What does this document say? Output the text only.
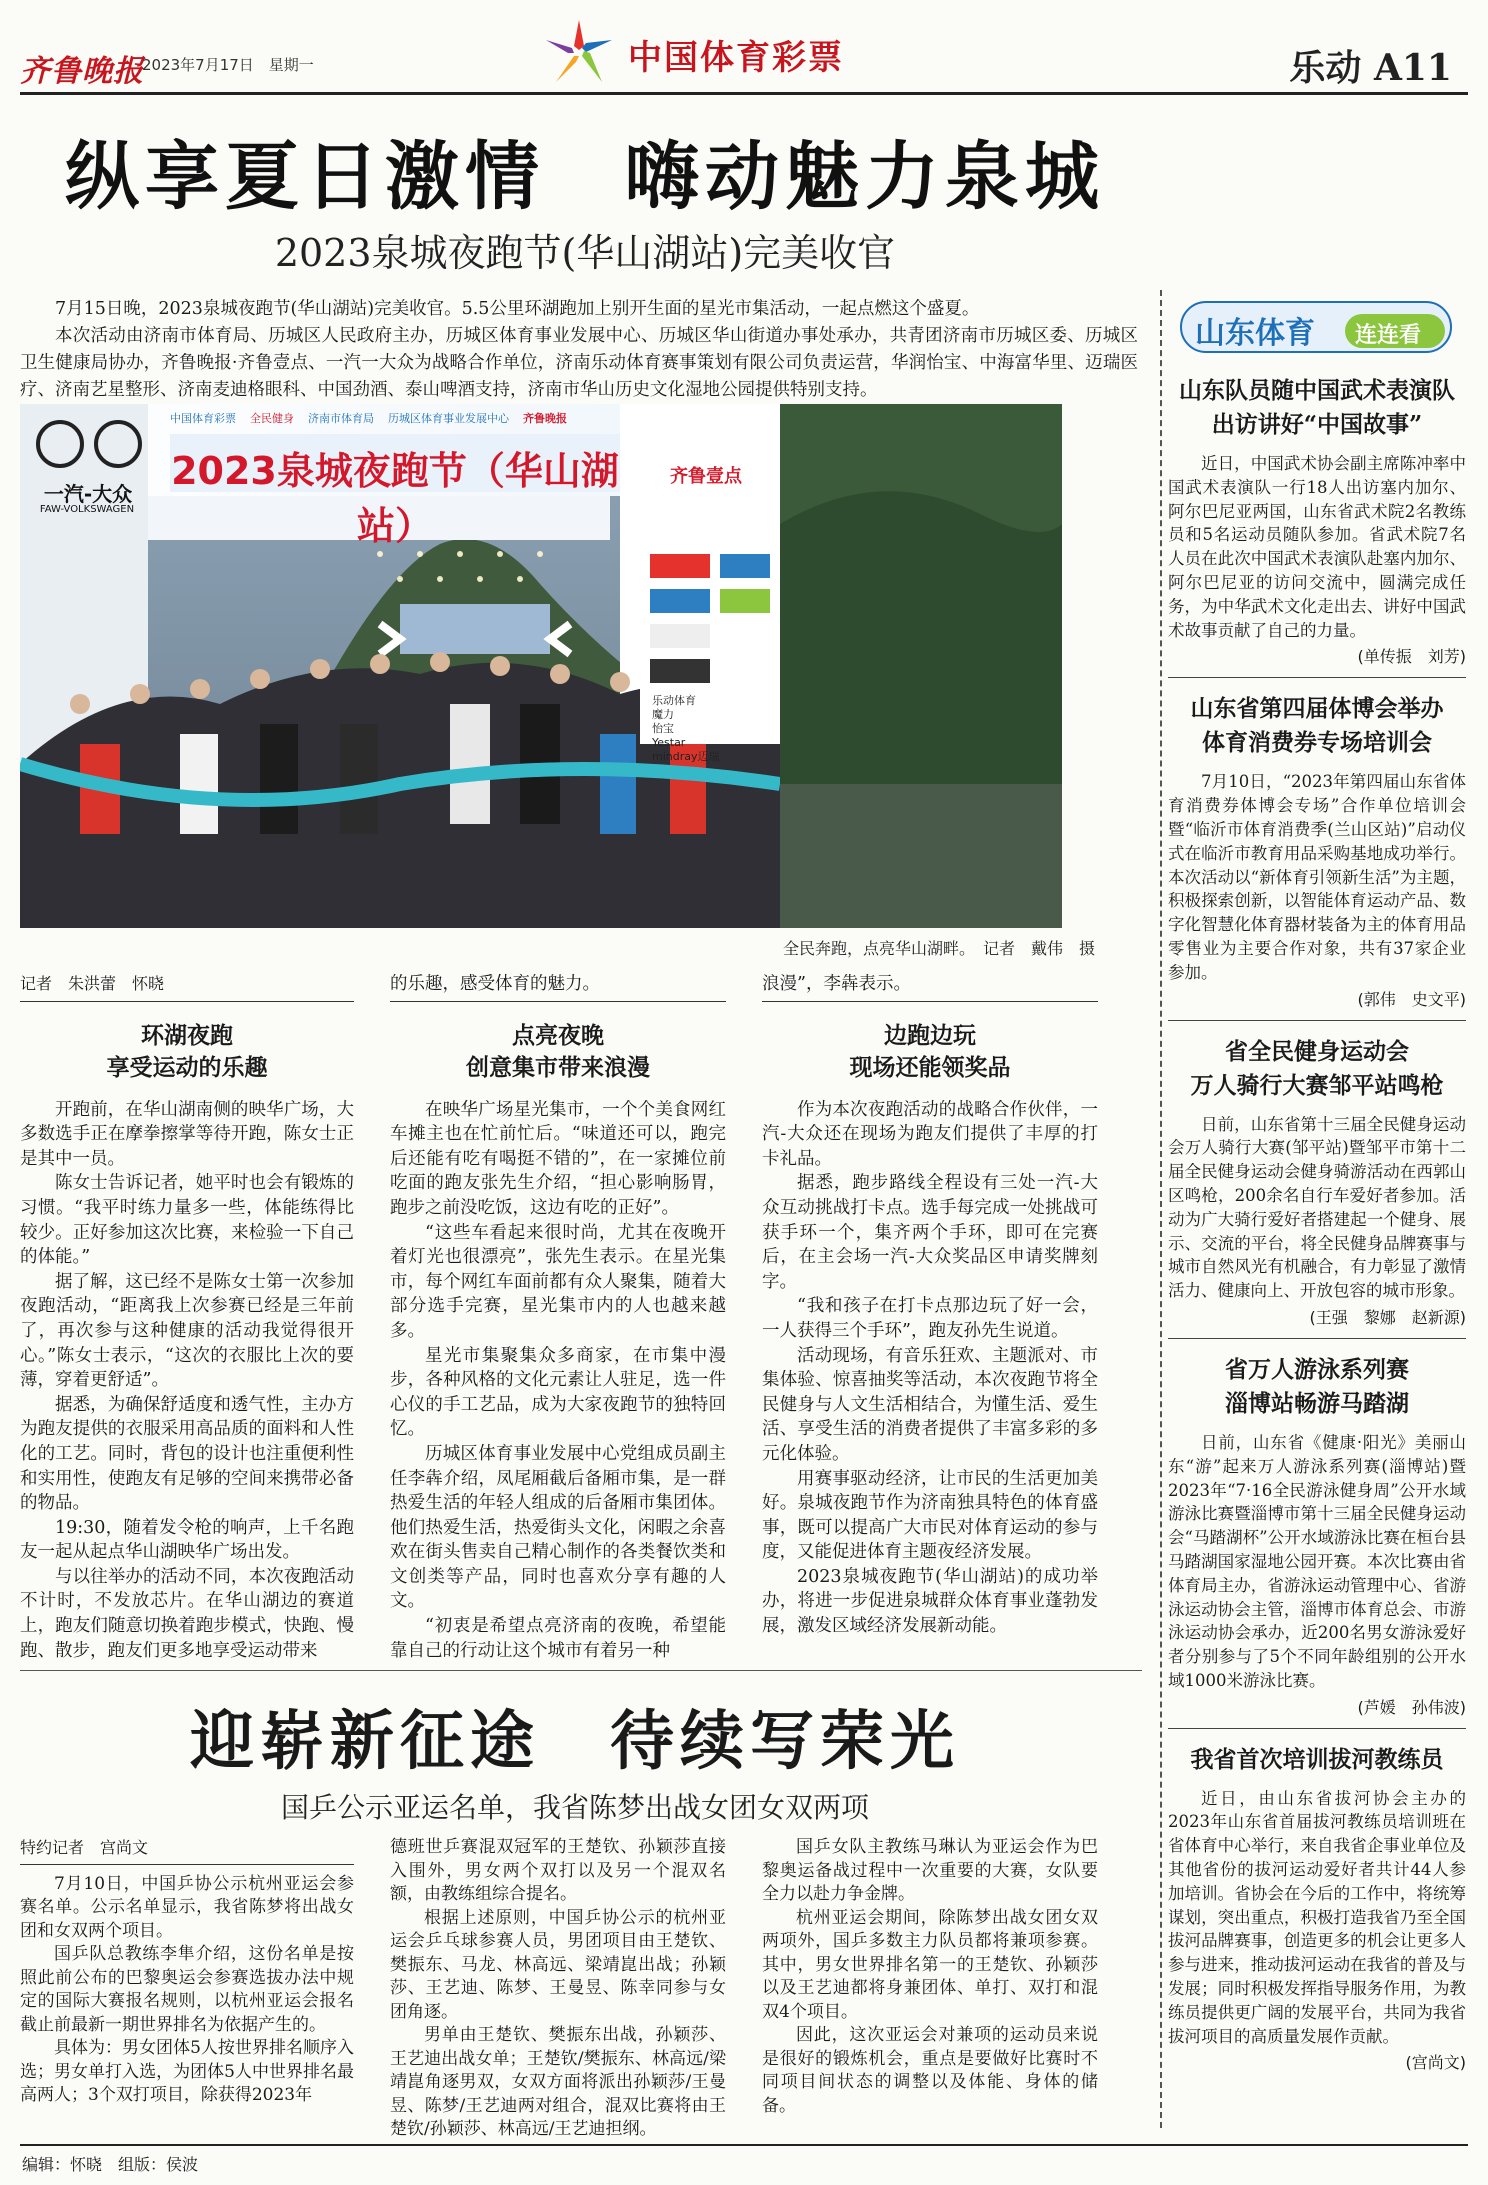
齐鲁晚报
2023年7月17日　星期一	中国体育彩票	乐动 A11
纵享夏日激情　嗨动魅力泉城
2023泉城夜跑节(华山湖站)完美收官

7月15日晚，2023泉城夜跑节(华山湖站)完美收官。5.5公里环湖跑加上别开生面的星光市集活动，一起点燃这个盛夏。

本次活动由济南市体育局、历城区人民政府主办，历城区体育事业发展中心、历城区华山街道办事处承办，共青团济南市历城区委、历城区卫生健康局协办，齐鲁晚报·齐鲁壹点、一汽一大众为战略合作单位，济南乐动体育赛事策划有限公司负责运营，华润怡宝、中海富华里、迈瑞医疗、济南艺星整形、济南麦迪格眼科、中国劲酒、泰山啤酒支持，济南市华山历史文化湿地公园提供特别支持。

2023泉城夜跑节（华山湖站）
一汽-大众
FAW-VOLKSWAGEN
中国体育彩票 全民健身 济南市体育局 历城区体育事业发展中心 齐鲁晚报
齐鲁壹点
乐动体育
魔力
怡宝
Yestar
mindray迈瑞
全民奔跑，点亮华山湖畔。　记者　戴伟　摄
记者　朱洪蕾　怀晓
环湖夜跑
享受运动的乐趣

开跑前，在华山湖南侧的映华广场，大多数选手正在摩拳擦掌等待开跑，陈女士正是其中一员。

陈女士告诉记者，她平时也会有锻炼的习惯。“我平时练力量多一些，体能练得比较少。正好参加这次比赛，来检验一下自己的体能。”

据了解，这已经不是陈女士第一次参加夜跑活动，“距离我上次参赛已经是三年前了，再次参与这种健康的活动我觉得很开心。”陈女士表示，“这次的衣服比上次的要薄，穿着更舒适”。

据悉，为确保舒适度和透气性，主办方为跑友提供的衣服采用高品质的面料和人性化的工艺。同时，背包的设计也注重便利性和实用性，使跑友有足够的空间来携带必备的物品。

19:30，随着发令枪的响声，上千名跑友一起从起点华山湖映华广场出发。

与以往举办的活动不同，本次夜跑活动不计时，不发放芯片。在华山湖边的赛道上，跑友们随意切换着跑步模式，快跑、慢跑、散步，跑友们更多地享受运动带来

的乐趣，感受体育的魅力。

点亮夜晚
创意集市带来浪漫

在映华广场星光集市，一个个美食网红车摊主也在忙前忙后。“味道还可以，跑完后还能有吃有喝挺不错的”，在一家摊位前吃面的跑友张先生介绍，“担心影响肠胃，跑步之前没吃饭，这边有吃的正好”。

“这些车看起来很时尚，尤其在夜晚开着灯光也很漂亮”，张先生表示。在星光集市，每个网红车面前都有众人聚集，随着大部分选手完赛，星光集市内的人也越来越多。

星光市集聚集众多商家，在市集中漫步，各种风格的文化元素让人驻足，选一件心仪的手工艺品，成为大家夜跑节的独特回忆。

历城区体育事业发展中心党组成员副主任李犇介绍，凤尾厢截后备厢市集，是一群热爱生活的年轻人组成的后备厢市集团体。他们热爱生活，热爱街头文化，闲暇之余喜欢在街头售卖自己精心制作的各类餐饮类和文创类等产品，同时也喜欢分享有趣的人文。

“初衷是希望点亮济南的夜晚，希望能靠自己的行动让这个城市有着另一种

浪漫”，李犇表示。

边跑边玩
现场还能领奖品

作为本次夜跑活动的战略合作伙伴，一汽-大众还在现场为跑友们提供了丰厚的打卡礼品。

据悉，跑步路线全程设有三处一汽-大众互动挑战打卡点。选手每完成一处挑战可获手环一个，集齐两个手环，即可在完赛后，在主会场一汽-大众奖品区申请奖牌刻字。

“我和孩子在打卡点那边玩了好一会，一人获得三个手环”，跑友孙先生说道。

活动现场，有音乐狂欢、主题派对、市集体验、惊喜抽奖等活动，本次夜跑节将全民健身与人文生活相结合，为懂生活、爱生活、享受生活的消费者提供了丰富多彩的多元化体验。

用赛事驱动经济，让市民的生活更加美好。泉城夜跑节作为济南独具特色的体育盛事，既可以提高广大市民对体育运动的参与度，又能促进体育主题夜经济发展。

2023泉城夜跑节(华山湖站)的成功举办，将进一步促进泉城群众体育事业蓬勃发展，激发区域经济发展新动能。

迎崭新征途　待续写荣光
国乒公示亚运名单，我省陈梦出战女团女双两项
特约记者　宫尚文

7月10日，中国乒协公示杭州亚运会参赛名单。公示名单显示，我省陈梦将出战女团和女双两个项目。

国乒队总教练李隼介绍，这份名单是按照此前公布的巴黎奥运会参赛选拔办法中规定的国际大赛报名规则，以杭州亚运会报名截止前最新一期世界排名为依据产生的。

具体为：男女团体5人按世界排名顺序入选；男女单打入选，为团体5人中世界排名最高两人；3个双打项目，除获得2023年

德班世乒赛混双冠军的王楚钦、孙颖莎直接入围外，男女两个双打以及另一个混双名额，由教练组综合提名。

根据上述原则，中国乒协公示的杭州亚运会乒乓球参赛人员，男团项目由王楚钦、樊振东、马龙、林高远、梁靖崑出战；孙颖莎、王艺迪、陈梦、王曼昱、陈幸同参与女团角逐。

男单由王楚钦、樊振东出战，孙颖莎、王艺迪出战女单；王楚钦/樊振东、林高远/梁靖崑角逐男双，女双方面将派出孙颖莎/王曼昱、陈梦/王艺迪两对组合，混双比赛将由王楚钦/孙颖莎、林高远/王艺迪担纲。

国乒女队主教练马琳认为亚运会作为巴黎奥运备战过程中一次重要的大赛，女队要全力以赴力争金牌。

杭州亚运会期间，除陈梦出战女团女双两项外，国乒多数主力队员都将兼项参赛。其中，男女世界排名第一的王楚钦、孙颖莎以及王艺迪都将身兼团体、单打、双打和混双4个项目。

因此，这次亚运会对兼项的运动员来说是很好的锻炼机会，重点是要做好比赛时不同项目间状态的调整以及体能、身体的储备。

山东体育 连连看
山东队员随中国武术表演队
出访讲好“中国故事”

近日，中国武术协会副主席陈冲率中国武术表演队一行18人出访塞内加尔、阿尔巴尼亚两国，山东省武术院2名教练员和5名运动员随队参加。省武术院7名人员在此次中国武术表演队赴塞内加尔、阿尔巴尼亚的访问交流中，圆满完成任务，为中华武术文化走出去、讲好中国武术故事贡献了自己的力量。

(单传振　刘芳)
山东省第四届体博会举办
体育消费券专场培训会

7月10日，“2023年第四届山东省体育消费券体博会专场”合作单位培训会暨“临沂市体育消费季(兰山区站)”启动仪式在临沂市教育用品采购基地成功举行。本次活动以“新体育引领新生活”为主题，积极探索创新，以智能体育运动产品、数字化智慧化体育器材装备为主的体育用品零售业为主要合作对象，共有37家企业参加。

(郭伟　史文平)
省全民健身运动会
万人骑行大赛邹平站鸣枪

日前，山东省第十三届全民健身运动会万人骑行大赛(邹平站)暨邹平市第十二届全民健身运动会健身骑游活动在西郭山区鸣枪，200余名自行车爱好者参加。活动为广大骑行爱好者搭建起一个健身、展示、交流的平台，将全民健身品牌赛事与城市自然风光有机融合，有力彰显了激情活力、健康向上、开放包容的城市形象。

(王强　黎娜　赵新源)
省万人游泳系列赛
淄博站畅游马踏湖

日前，山东省《健康·阳光》美丽山东“游”起来万人游泳系列赛(淄博站)暨2023年“7·16全民游泳健身周”公开水域游泳比赛暨淄博市第十三届全民健身运动会“马踏湖杯”公开水域游泳比赛在桓台县马踏湖国家湿地公园开赛。本次比赛由省体育局主办，省游泳运动管理中心、省游泳运动协会主管，淄博市体育总会、市游泳运动协会承办，近200名男女游泳爱好者分别参与了5个不同年龄组别的公开水域1000米游泳比赛。

(芦媛　孙伟波)
我省首次培训拔河教练员

近日，由山东省拔河协会主办的2023年山东省首届拔河教练员培训班在省体育中心举行，来自我省企事业单位及其他省份的拔河运动爱好者共计44人参加培训。省协会在今后的工作中，将统筹谋划，突出重点，积极打造我省乃至全国拔河品牌赛事，创造更多的机会让更多人参与进来，推动拔河运动在我省的普及与发展；同时积极发挥指导服务作用，为教练员提供更广阔的发展平台，共同为我省拔河项目的高质量发展作贡献。

(宫尚文)
编辑：怀晓　组版：侯波
